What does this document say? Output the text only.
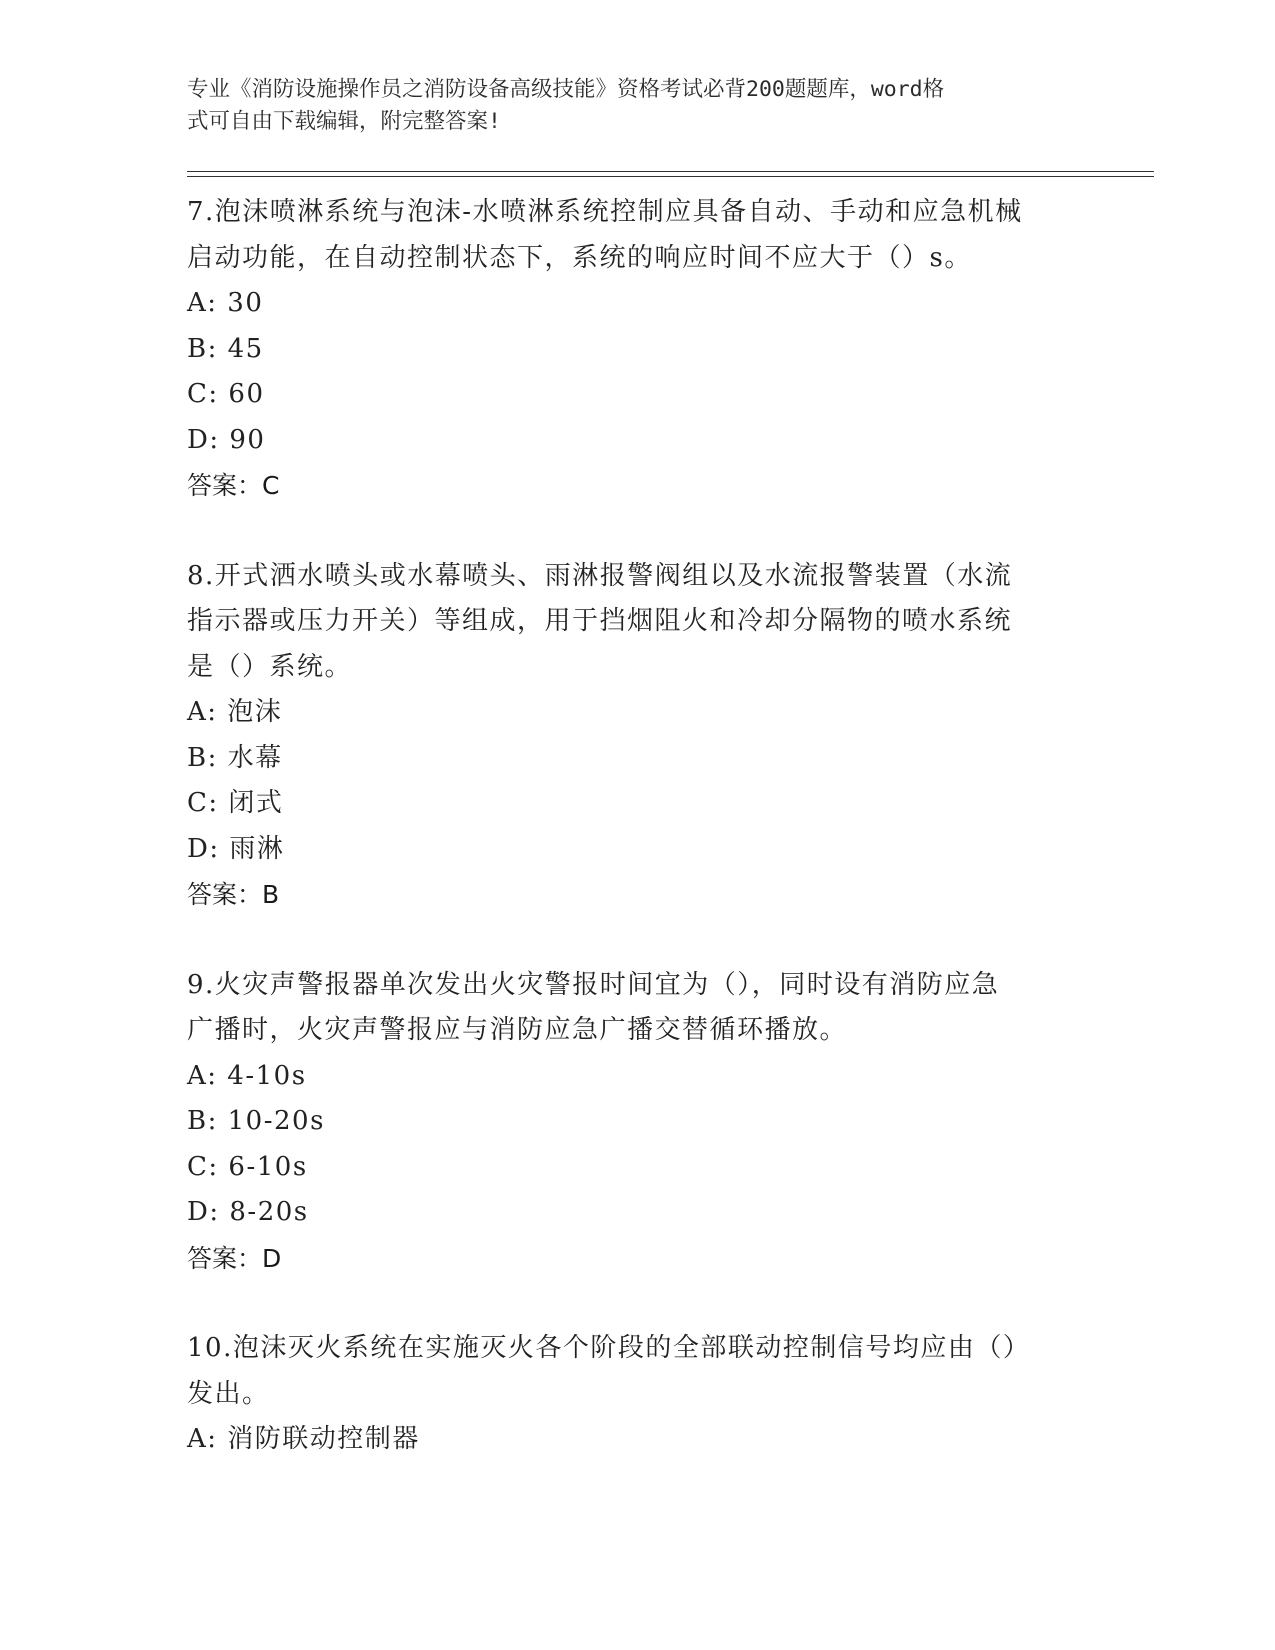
专业《消防设施操作员之消防设备高级技能》资格考试必背200题题库，word格
式可自由下载编辑，附完整答案!

7.泡沫喷淋系统与泡沫-水喷淋系统控制应具备自动、手动和应急机械

启动功能，在自动控制状态下，系统的响应时间不应大于（）s。

A: 30

B: 45

C: 60

D: 90

答案：C

8.开式洒水喷头或水幕喷头、雨淋报警阀组以及水流报警装置（水流

指示器或压力开关）等组成，用于挡烟阻火和冷却分隔物的喷水系统

是（）系统。

A: 泡沫

B: 水幕

C: 闭式

D: 雨淋

答案：B

9.火灾声警报器单次发出火灾警报时间宜为（），同时设有消防应急

广播时，火灾声警报应与消防应急广播交替循环播放。

A: 4-10s

B: 10-20s

C: 6-10s

D: 8-20s

答案：D

10.泡沫灭火系统在实施灭火各个阶段的全部联动控制信号均应由（）

发出。

A: 消防联动控制器
